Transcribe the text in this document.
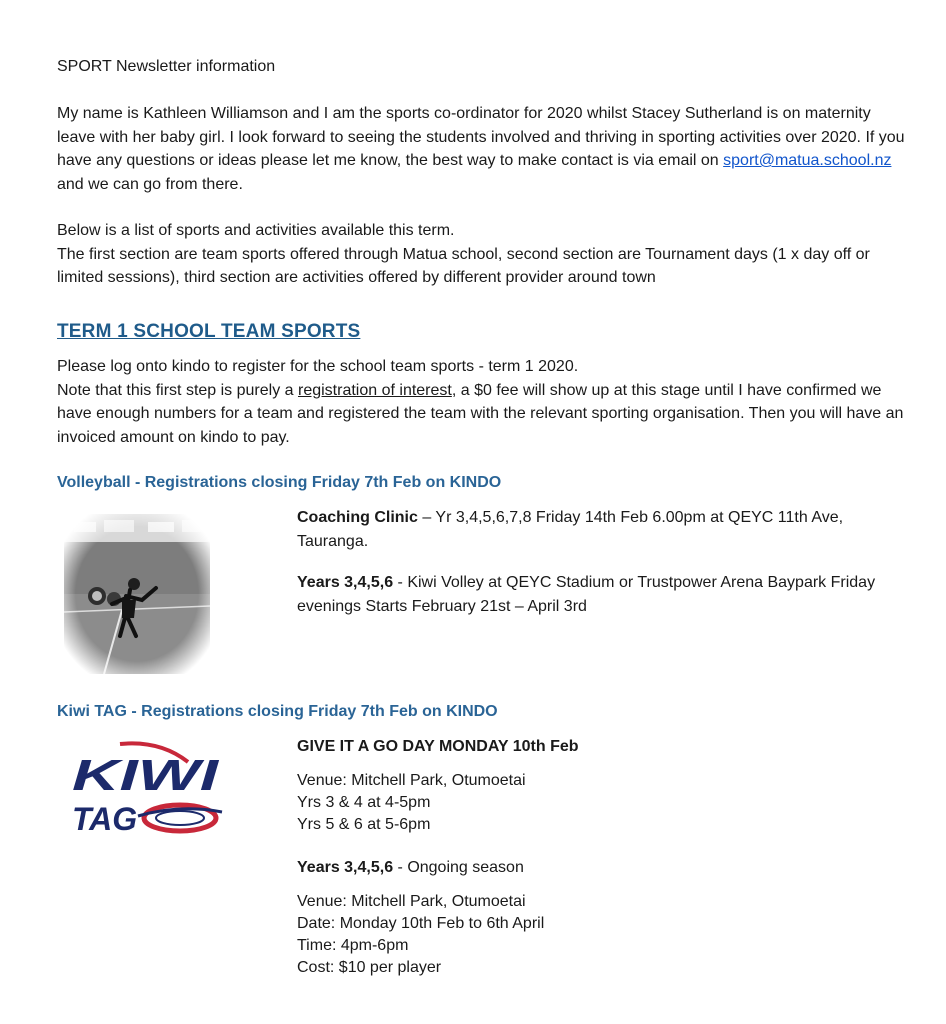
SPORT Newsletter information

My name is Kathleen Williamson and I am the sports co-ordinator for 2020 whilst Stacey Sutherland is on maternity leave with her baby girl. I look forward to seeing the students involved and thriving in sporting activities over 2020. If you have any questions or ideas please let me know, the best way to make contact is via email on sport@matua.school.nz and we can go from there.

Below is a list of sports and activities available this term.
The first section are team sports offered through Matua school, second section are Tournament days (1 x day off or limited sessions), third section are activities offered by different provider around town
TERM 1 SCHOOL TEAM SPORTS
Please log onto kindo to register for the school team sports - term 1 2020.
Note that this first step is purely a registration of interest, a $0 fee will show up at this stage until I have confirmed we have enough numbers for a team and registered the team with the relevant sporting organisation. Then you will have an invoiced amount on kindo to pay.
Volleyball - Registrations closing Friday 7th Feb on KINDO
Coaching Clinic – Yr 3,4,5,6,7,8 Friday 14th Feb 6.00pm at QEYC 11th Ave, Tauranga.
Years 3,4,5,6 - Kiwi Volley at QEYC Stadium or Trustpower Arena Baypark Friday evenings Starts February 21st – April 3rd
Kiwi TAG - Registrations closing Friday 7th Feb on KINDO
KIWI
TAG
GIVE IT A GO DAY MONDAY 10th Feb
Venue: Mitchell Park, Otumoetai
Yrs 3 & 4 at 4-5pm
Yrs 5 & 6 at 5-6pm
Years 3,4,5,6 - Ongoing season
Venue: Mitchell Park, Otumoetai
Date: Monday 10th Feb to 6th April
Time: 4pm-6pm
Cost: $10 per player
